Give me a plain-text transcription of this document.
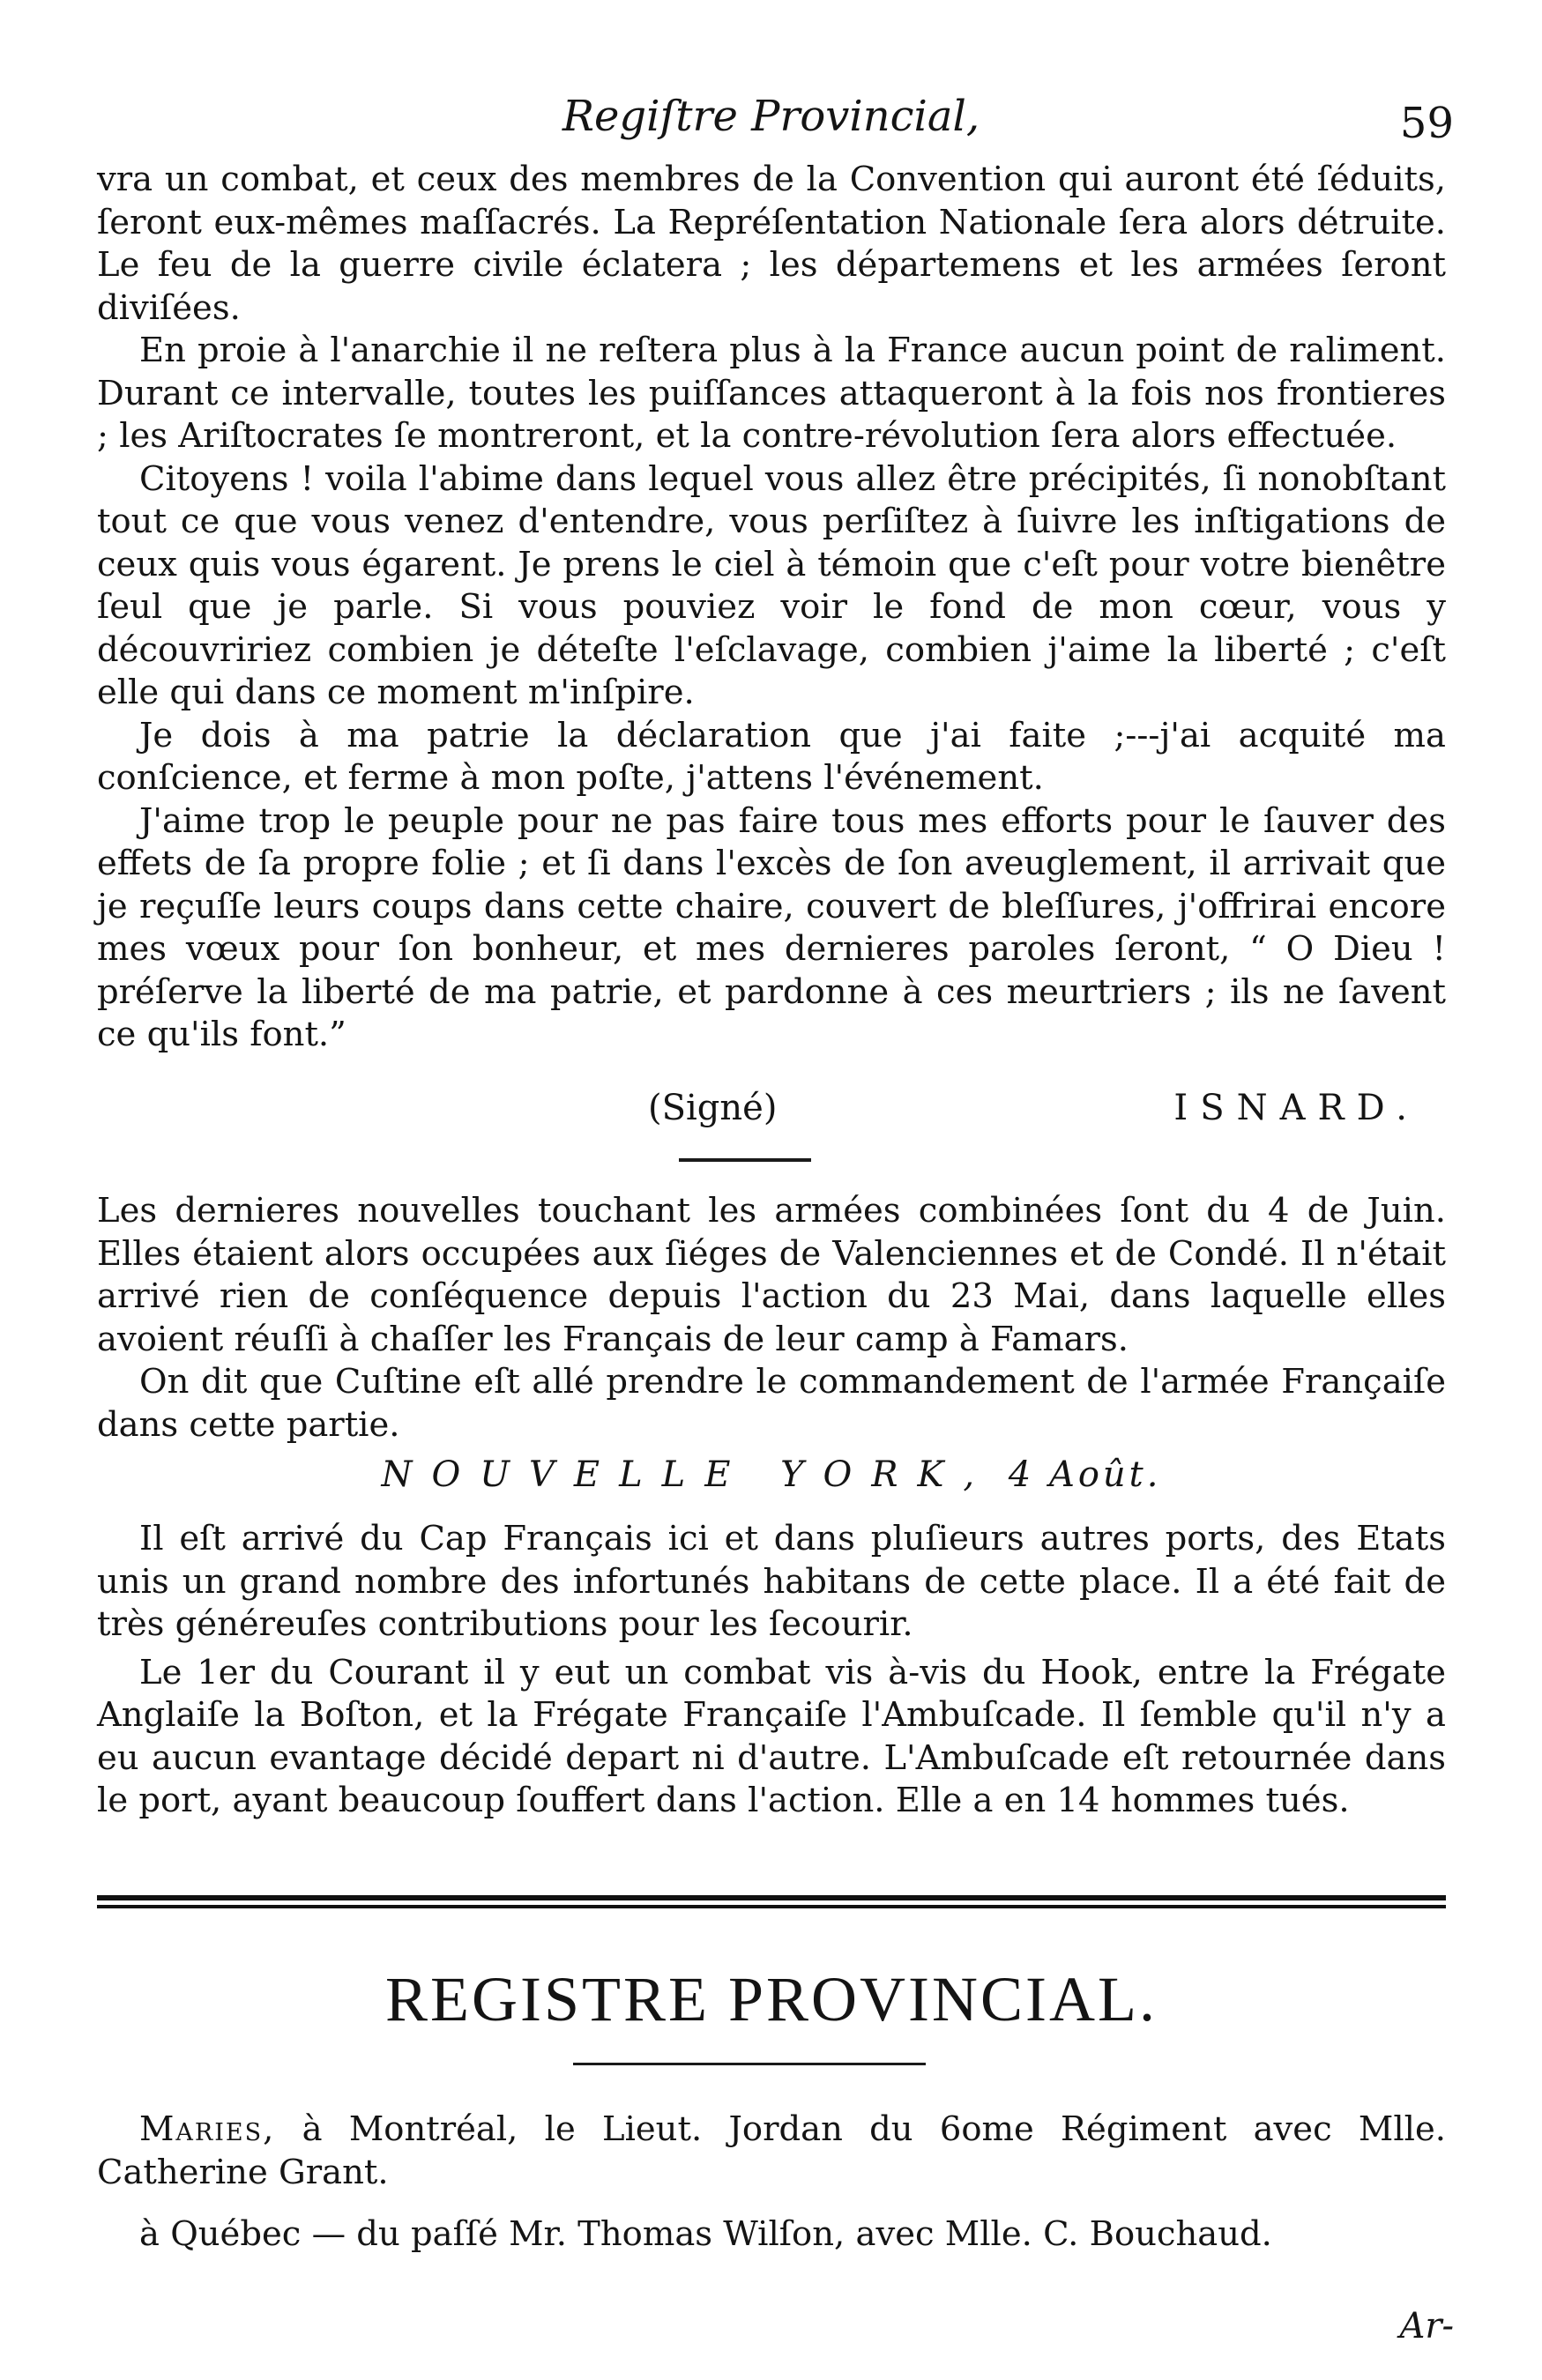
Regiſtre Provincial,	59

vra un combat, et ceux des membres de la Convention qui auront été ſéduits, ſeront eux-mêmes maſſacrés. La Repréſentation Nationale ſera alors détruite. Le feu de la guerre civile éclatera ; les départemens et les armées ſeront diviſées.

En proie à l'anarchie il ne reſtera plus à la France aucun point de raliment. Durant ce intervalle, toutes les puiſſances attaqueront à la fois nos frontieres ; les Ariſtocrates ſe montreront, et la contre-révolution ſera alors effectuée.

Citoyens ! voila l'abime dans lequel vous allez être précipités, ſi nonobſtant tout ce que vous venez d'entendre, vous perſiſtez à ſuivre les inſtigations de ceux quis vous égarent. Je prens le ciel à témoin que c'eſt pour votre bienêtre ſeul que je parle. Si vous pouviez voir le fond de mon cœur, vous y découvririez combien je déteſte l'eſclavage, combien j'aime la liberté ; c'eſt elle qui dans ce moment m'inſpire.

Je dois à ma patrie la déclaration que j'ai faite ;---j'ai acquité ma conſcience, et ferme à mon poſte, j'attens l'événement.

J'aime trop le peuple pour ne pas faire tous mes efforts pour le ſauver des effets de ſa propre folie ; et ſi dans l'excès de ſon aveuglement, il arrivait que je reçuſſe leurs coups dans cette chaire, couvert de bleſſures, j'offrirai encore mes vœux pour ſon bonheur, et mes dernieres paroles ſeront, “ O Dieu ! préſerve la liberté de ma patrie, et pardonne à ces meurtriers ; ils ne ſavent ce qu'ils font.”

(Signé)	ISNARD.

Les dernieres nouvelles touchant les armées combinées ſont du 4 de Juin. Elles étaient alors occupées aux ſiéges de Valenciennes et de Condé. Il n'était arrivé rien de conſéquence depuis l'action du 23 Mai, dans laquelle elles avoient réuſſi à chaſſer les Français de leur camp à Famars.

On dit que Cuſtine eſt allé prendre le commandement de l'armée Françaiſe dans cette partie.

NOUVELLE YORK, 4 Août.

Il eſt arrivé du Cap Français ici et dans pluſieurs autres ports, des Etats unis un grand nombre des infortunés habitans de cette place. Il a été fait de très généreuſes contributions pour les ſecourir.

Le 1er du Courant il y eut un combat vis à-vis du Hook, entre la Frégate Anglaiſe la Boſton, et la Frégate Françaiſe l'Ambuſcade. Il ſemble qu'il n'y a eu aucun evantage décidé depart ni d'autre. L'Ambuſcade eſt retournée dans le port, ayant beaucoup ſouffert dans l'action. Elle a en 14 hommes tués.

REGISTRE PROVINCIAL.

Maries, à Montréal, le Lieut. Jordan du 6ome Régiment avec Mlle. Catherine Grant.

à Québec — du paſſé Mr. Thomas Wilſon, avec Mlle. C. Bouchaud.

Ar-
